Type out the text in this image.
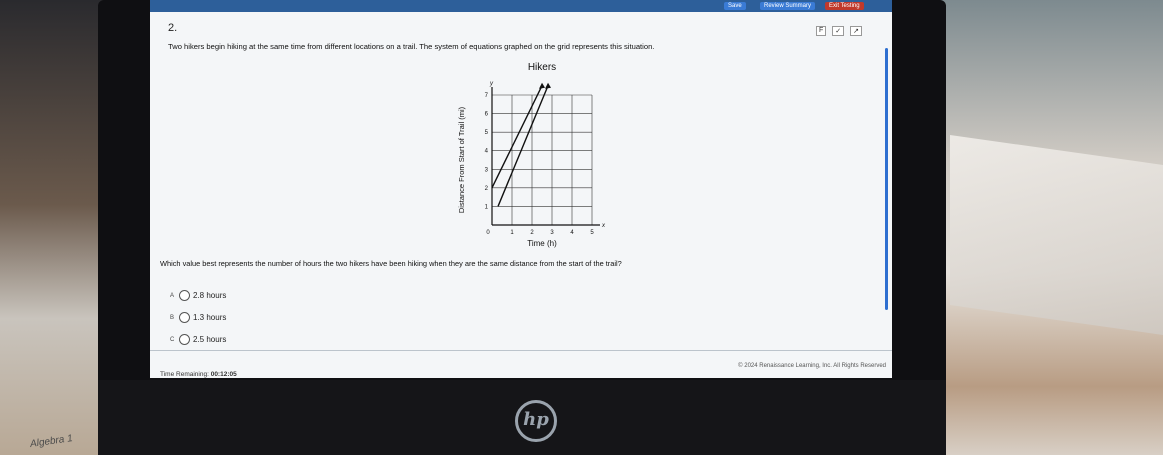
Algebra 1
hp
Save	Review Summary	Exit Testing
2.	F	✓	↗
Two hikers begin hiking at the same time from different locations on a trail. The system of equations graphed on the grid represents this situation.
Hikers
x
y
0	1	2	3	4	5
1
2
3
4
5
6
7
Time (h)
Distance From Start of Trail (mi)
Which value best represents the number of hours the two hikers have been hiking when they are the same distance from the start of the trail?
A 2.8 hours
B 1.3 hours
C 2.5 hours
Time Remaining: 00:12:05
© 2024 Renaissance Learning, Inc. All Rights Reserved
